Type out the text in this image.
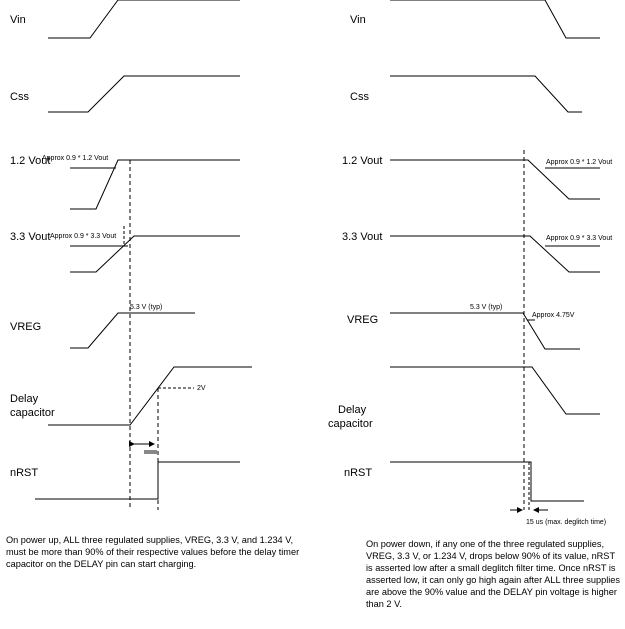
Vin
Css
1.2 Vout
3.3 Vout
VREG
Delay
capacitor
nRST
Approx 0.9 * 1.2 Vout
Approx 0.9 * 3.3 Vout
5.3 V (typ)
2V
Vin
Css
1.2 Vout
3.3 Vout
VREG
Delay
capacitor
nRST
Approx 0.9 * 1.2 Vout
Approx 0.9 * 3.3 Vout
5.3 V (typ)
Approx 4.75V
15 us (max. deglitch time)

On power up, ALL three regulated supplies, VREG, 3.3 V, and 1.234 V, must be more than 90% of their respective values before the delay timer capacitor on the DELAY pin can start charging.

On power down, if any one of the three regulated supplies, VREG, 3.3 V, or 1.234 V, drops below 90% of its value, nRST is asserted low after a small deglitch filter time. Once nRST is asserted low, it can only go high again after ALL three supplies are above the 90% value and the DELAY pin voltage is higher than 2 V.
